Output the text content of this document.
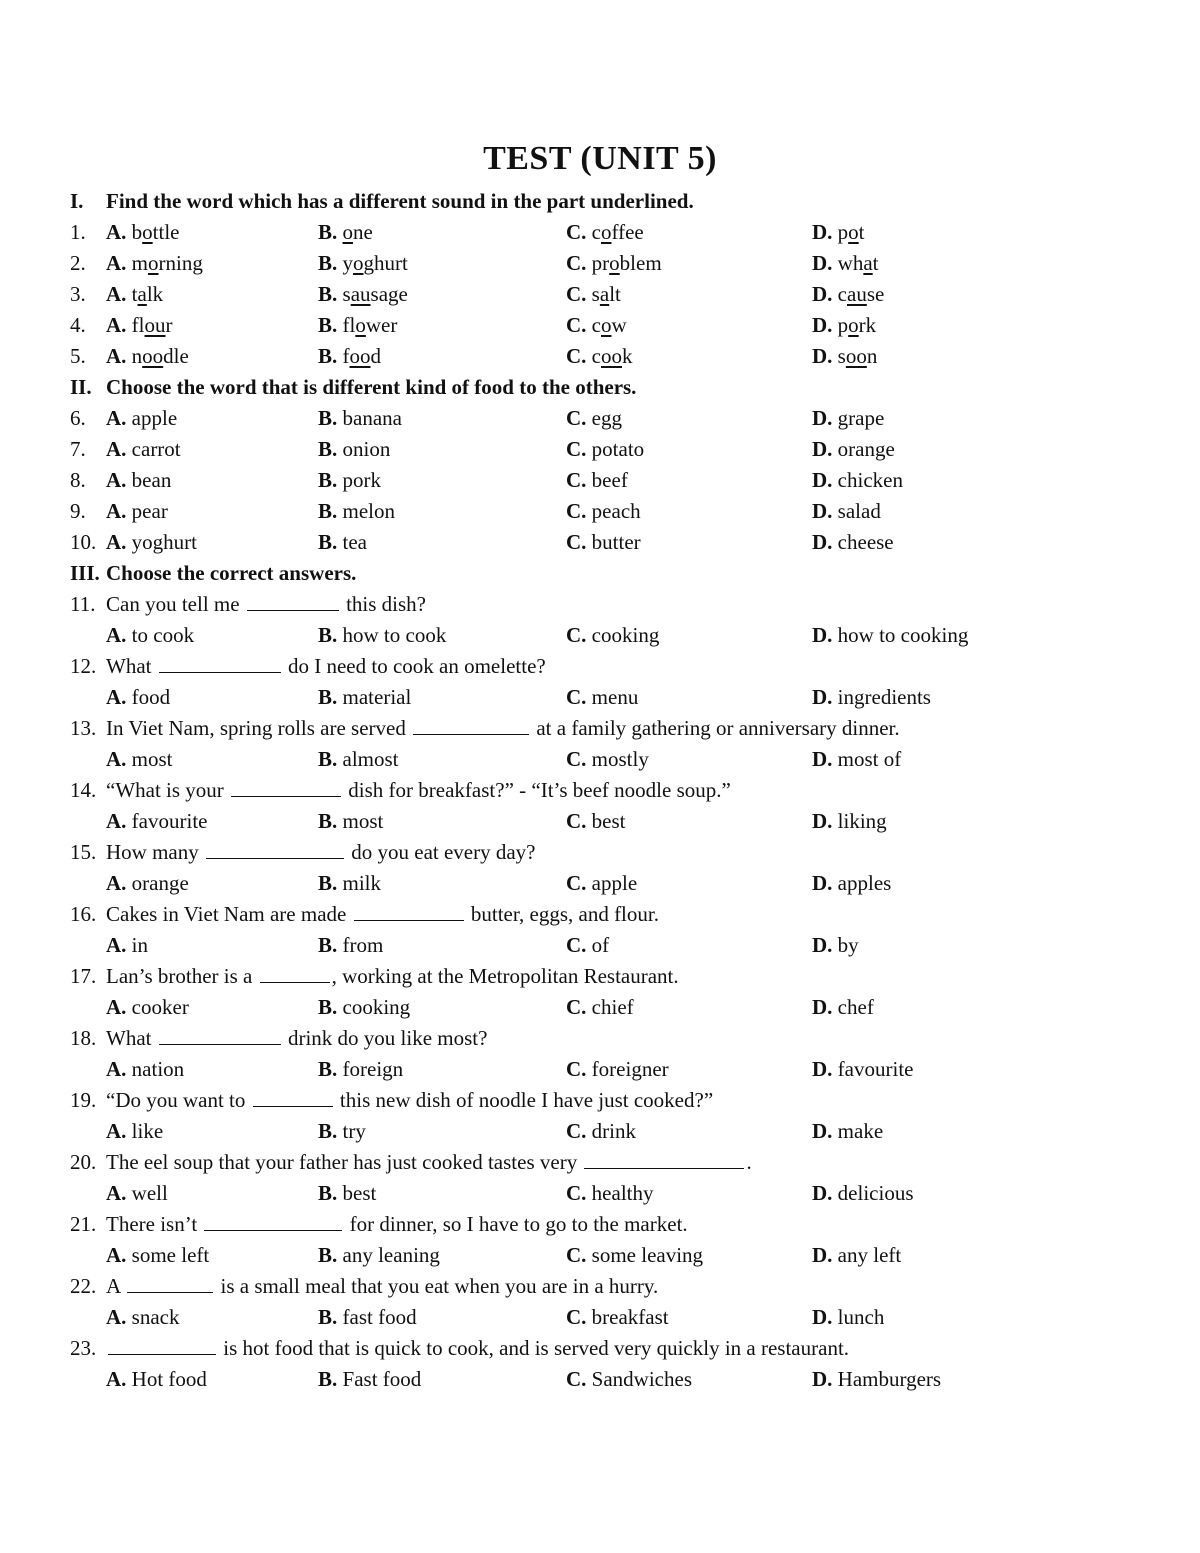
TEST (UNIT 5)
I. Find the word which has a different sound in the part underlined.
1. A. bottle	B. one	C. coffee	D. pot
2. A. morning	B. yoghurt	C. problem	D. what
3. A. talk	B. sausage	C. salt	D. cause
4. A. flour	B. flower	C. cow	D. pork
5. A. noodle	B. food	C. cook	D. soon
II. Choose the word that is different kind of food to the others.
6. A. apple	B. banana	C. egg	D. grape
7. A. carrot	B. onion	C. potato	D. orange
8. A. bean	B. pork	C. beef	D. chicken
9. A. pear	B. melon	C. peach	D. salad
10. A. yoghurt	B. tea	C. butter	D. cheese
III. Choose the correct answers.
11. Can you tell me	this dish?
A. to cook	B. how to cook	C. cooking	D. how to cooking
12. What	do I need to cook an omelette?
A. food	B. material	C. menu	D. ingredients
13. In Viet Nam, spring rolls are served	at a family gathering or anniversary dinner.
A. most	B. almost	C. mostly	D. most of
14. “What is your	dish for breakfast?” - “It’s beef noodle soup.”
A. favourite	B. most	C. best	D. liking
15. How many	do you eat every day?
A. orange	B. milk	C. apple	D. apples
16. Cakes in Viet Nam are made	butter, eggs, and flour.
A. in	B. from	C. of	D. by
17. Lan’s brother is a	, working at the Metropolitan Restaurant.
A. cooker	B. cooking	C. chief	D. chef
18. What	drink do you like most?
A. nation	B. foreign	C. foreigner	D. favourite
19. “Do you want to	this new dish of noodle I have just cooked?”
A. like	B. try	C. drink	D. make
20. The eel soup that your father has just cooked tastes very	.
A. well	B. best	C. healthy	D. delicious
21. There isn’t	for dinner, so I have to go to the market.
A. some left	B. any leaning	C. some leaving	D. any left
22. A	is a small meal that you eat when you are in a hurry.
A. snack	B. fast food	C. breakfast	D. lunch
23.	is hot food that is quick to cook, and is served very quickly in a restaurant.
A. Hot food	B. Fast food	C. Sandwiches	D. Hamburgers
